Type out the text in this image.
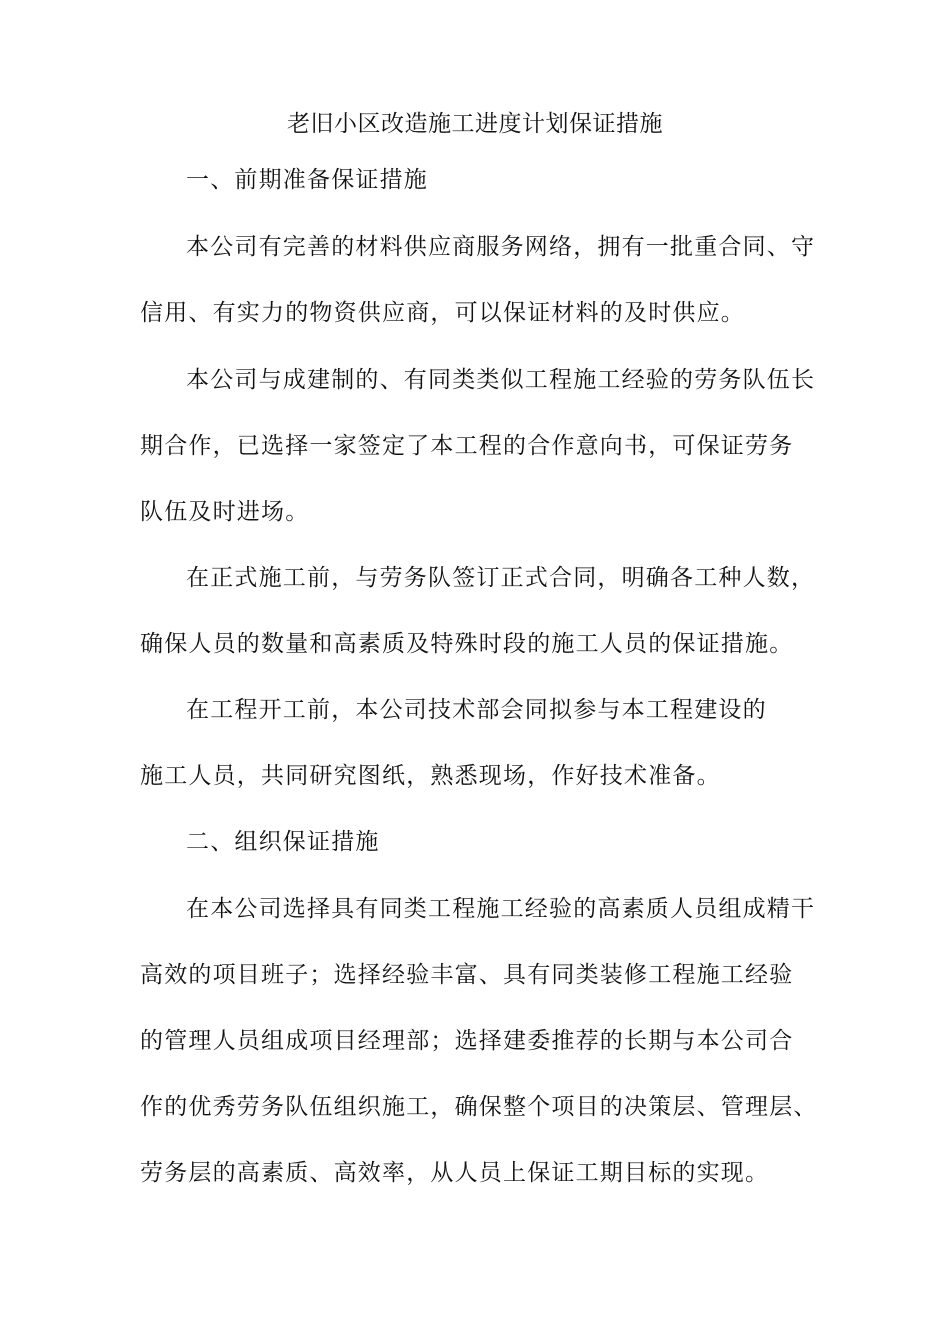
老旧小区改造施工进度计划保证措施
一、前期准备保证措施
本公司有完善的材料供应商服务网络，拥有一批重合同、守
信用、有实力的物资供应商，可以保证材料的及时供应。
本公司与成建制的、有同类类似工程施工经验的劳务队伍长
期合作，已选择一家签定了本工程的合作意向书，可保证劳务
队伍及时进场。
在正式施工前，与劳务队签订正式合同，明确各工种人数，
确保人员的数量和高素质及特殊时段的施工人员的保证措施。
在工程开工前，本公司技术部会同拟参与本工程建设的
施工人员，共同研究图纸，熟悉现场，作好技术准备。
二、组织保证措施
在本公司选择具有同类工程施工经验的高素质人员组成精干
高效的项目班子；选择经验丰富、具有同类装修工程施工经验
的管理人员组成项目经理部；选择建委推荐的长期与本公司合
作的优秀劳务队伍组织施工，确保整个项目的决策层、管理层、
劳务层的高素质、高效率，从人员上保证工期目标的实现。
